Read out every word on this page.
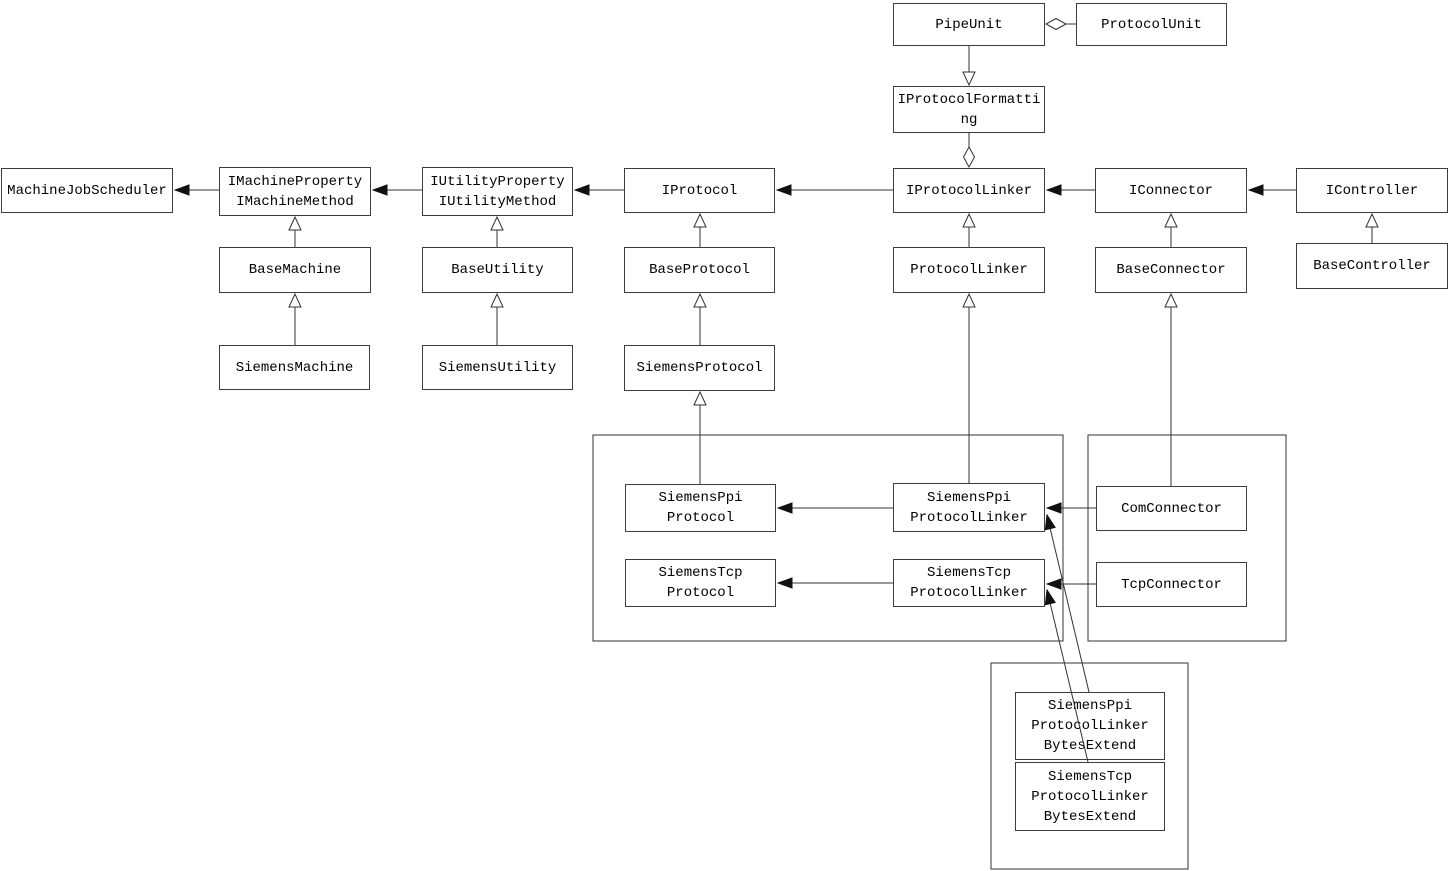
PipeUnit	ProtocolUnit
IProtocolFormatti
ng
MachineJobScheduler
IMachineProperty
IMachineMethod
IUtilityProperty
IUtilityMethod
IProtocol	IProtocolLinker	IConnector	IController
BaseMachine	BaseUtility	BaseProtocol	ProtocolLinker	BaseConnector	BaseController
SiemensMachine	SiemensUtility	SiemensProtocol
SiemensPpi
Protocol
SiemensPpi
ProtocolLinker
SiemensTcp
Protocol
SiemensTcp
ProtocolLinker
ComConnector
TcpConnector
SiemensPpi
ProtocolLinker
BytesExtend
SiemensTcp
ProtocolLinker
BytesExtend
